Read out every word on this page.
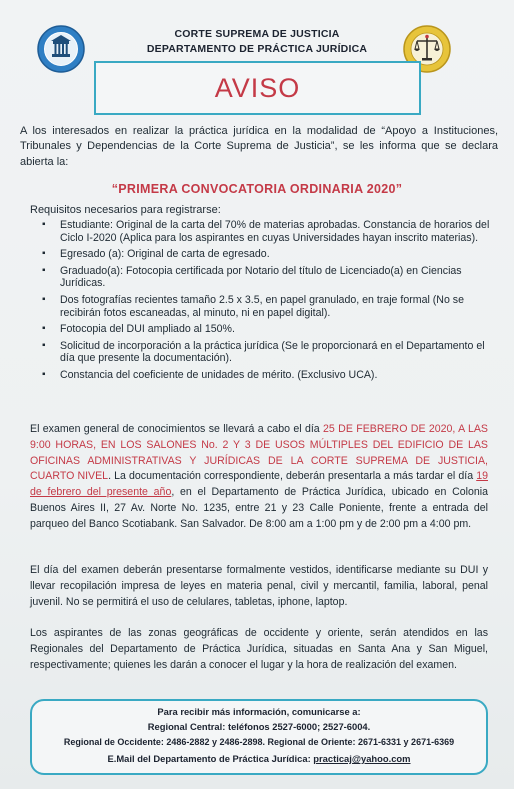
CORTE SUPREMA DE JUSTICIA
DEPARTAMENTO DE PRÁCTICA JURÍDICA
AVISO
A los interesados en realizar la práctica jurídica en la modalidad de “Apoyo a Instituciones, Tribunales y Dependencias de la Corte Suprema de Justicia”, se les informa que se declara abierta la:
“PRIMERA CONVOCATORIA ORDINARIA 2020”
Requisitos necesarios para registrarse:
▪ Estudiante: Original de la carta del 70% de materias aprobadas. Constancia de horarios del Ciclo I-2020 (Aplica para los aspirantes en cuyas Universidades hayan inscrito materias).
▪ Egresado (a): Original de carta de egresado.
▪ Graduado(a): Fotocopia certificada por Notario del título de Licenciado(a) en Ciencias Jurídicas.
▪ Dos fotografías recientes tamaño 2.5 x 3.5, en papel granulado, en traje formal (No se recibirán fotos escaneadas, al minuto, ni en papel digital).
▪ Fotocopia del DUI ampliado al 150%.
▪ Solicitud de incorporación a la práctica jurídica (Se le proporcionará en el Departamento el día que presente la documentación).
▪ Constancia del coeficiente de unidades de mérito. (Exclusivo UCA).
El examen general de conocimientos se llevará a cabo el día 25 DE FEBRERO DE 2020, A LAS 9:00 HORAS, EN LOS SALONES No. 2 Y 3 DE USOS MÚLTIPLES DEL EDIFICIO DE LAS OFICINAS ADMINISTRATIVAS Y JURÍDICAS DE LA CORTE SUPREMA DE JUSTICIA, CUARTO NIVEL. La documentación correspondiente, deberán presentarla a más tardar el día 19 de febrero del presente año, en el Departamento de Práctica Jurídica, ubicado en Colonia Buenos Aires II, 27 Av. Norte No. 1235, entre 21 y 23 Calle Poniente, frente a entrada del parqueo del Banco Scotiabank. San Salvador. De 8:00 am a 1:00 pm y de 2:00 pm a 4:00 pm.
El día del examen deberán presentarse formalmente vestidos, identificarse mediante su DUI y llevar recopilación impresa de leyes en materia penal, civil y mercantil, familia, laboral, penal juvenil. No se permitirá el uso de celulares, tabletas, iphone, laptop.
Los aspirantes de las zonas geográficas de occidente y oriente, serán atendidos en las Regionales del Departamento de Práctica Jurídica, situadas en Santa Ana y San Miguel, respectivamente; quienes les darán a conocer el lugar y la hora de realización del examen.
Para recibir más información, comunicarse a:
Regional Central: teléfonos 2527-6000; 2527-6004.
Regional de Occidente: 2486-2882 y 2486-2898. Regional de Oriente: 2671-6331 y 2671-6369
E.Mail del Departamento de Práctica Jurídica: practicaj@yahoo.com
